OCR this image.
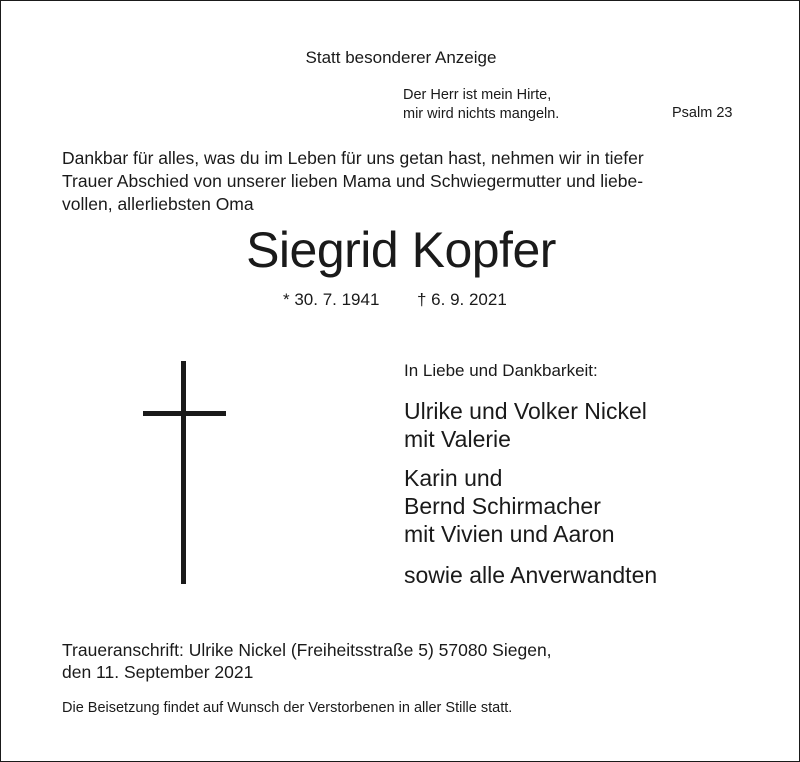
Statt besonderer Anzeige
Der Herr ist mein Hirte,
mir wird nichts mangeln.	Psalm 23
Dankbar für alles, was du im Leben für uns getan hast, nehmen wir in tiefer
Trauer Abschied von unserer lieben Mama und Schwiegermutter und liebe-
vollen, allerliebsten Oma
Siegrid Kopfer
* 30. 7. 1941 † 6. 9. 2021
In Liebe und Dankbarkeit:
Ulrike und Volker Nickel
mit Valerie
Karin und
Bernd Schirmacher
mit Vivien und Aaron
sowie alle Anverwandten
Traueranschrift: Ulrike Nickel (Freiheitsstraße 5) 57080 Siegen,
den 11. September 2021
Die Beisetzung findet auf Wunsch der Verstorbenen in aller Stille statt.
